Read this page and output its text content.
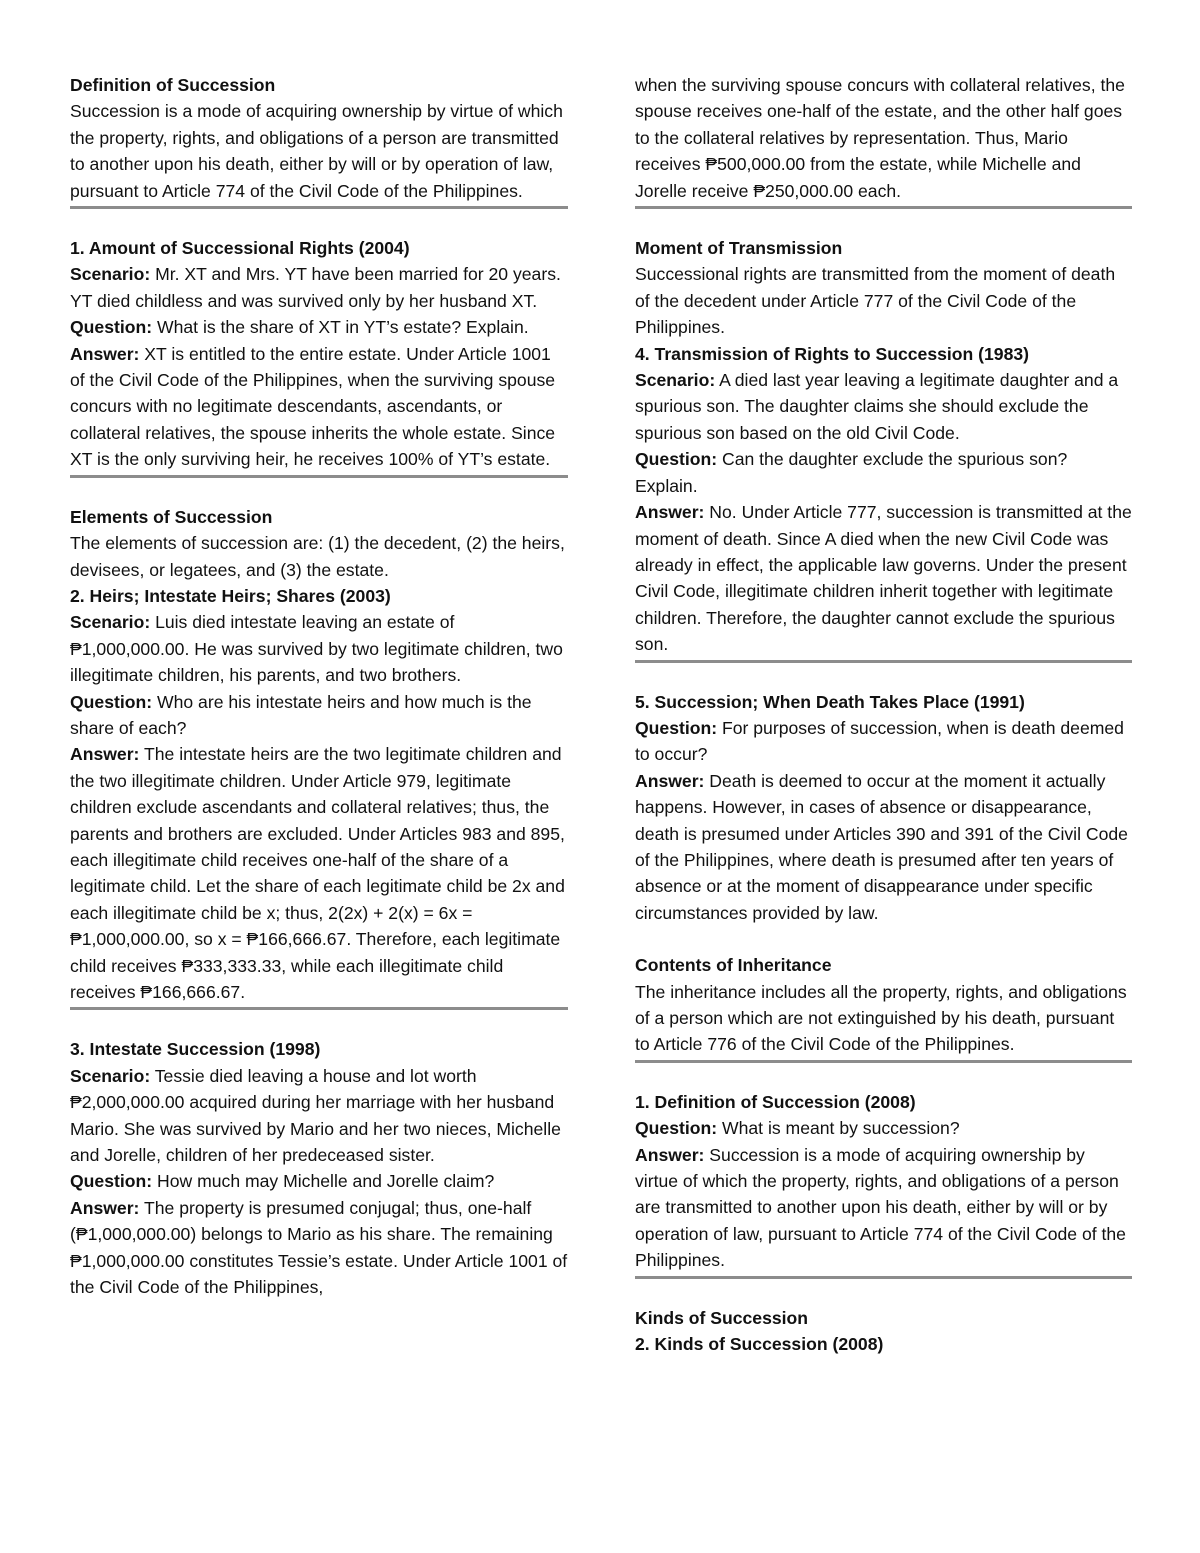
Definition of Succession

Succession is a mode of acquiring ownership by virtue of which the property, rights, and obligations of a person are transmitted to another upon his death, either by will or by operation of law, pursuant to Article 774 of the Civil Code of the Philippines.

1. Amount of Successional Rights (2004)

Scenario: Mr. XT and Mrs. YT have been married for 20 years. YT died childless and was survived only by her husband XT.

Question: What is the share of XT in YT’s estate? Explain.

Answer: XT is entitled to the entire estate. Under Article 1001 of the Civil Code of the Philippines, when the surviving spouse concurs with no legitimate descendants, ascendants, or collateral relatives, the spouse inherits the whole estate. Since XT is the only surviving heir, he receives 100% of YT’s estate.

Elements of Succession

The elements of succession are: (1) the decedent, (2) the heirs, devisees, or legatees, and (3) the estate.

2. Heirs; Intestate Heirs; Shares (2003)

Scenario: Luis died intestate leaving an estate of ₱1,000,000.00. He was survived by two legitimate children, two illegitimate children, his parents, and two brothers.

Question: Who are his intestate heirs and how much is the share of each?

Answer: The intestate heirs are the two legitimate children and the two illegitimate children. Under Article 979, legitimate children exclude ascendants and collateral relatives; thus, the parents and brothers are excluded. Under Articles 983 and 895, each illegitimate child receives one-half of the share of a legitimate child. Let the share of each legitimate child be 2x and each illegitimate child be x; thus, 2(2x) + 2(x) = 6x = ₱1,000,000.00, so x = ₱166,666.67. Therefore, each legitimate child receives ₱333,333.33, while each illegitimate child receives ₱166,666.67.

3. Intestate Succession (1998)

Scenario: Tessie died leaving a house and lot worth ₱2,000,000.00 acquired during her marriage with her husband Mario. She was survived by Mario and her two nieces, Michelle and Jorelle, children of her predeceased sister.

Question: How much may Michelle and Jorelle claim?

Answer: The property is presumed conjugal; thus, one-half (₱1,000,000.00) belongs to Mario as his share. The remaining ₱1,000,000.00 constitutes Tessie’s estate. Under Article 1001 of the Civil Code of the Philippines,

when the surviving spouse concurs with collateral relatives, the spouse receives one-half of the estate, and the other half goes to the collateral relatives by representation. Thus, Mario receives ₱500,000.00 from the estate, while Michelle and Jorelle receive ₱250,000.00 each.

Moment of Transmission

Successional rights are transmitted from the moment of death of the decedent under Article 777 of the Civil Code of the Philippines.

4. Transmission of Rights to Succession (1983)

Scenario: A died last year leaving a legitimate daughter and a spurious son. The daughter claims she should exclude the spurious son based on the old Civil Code.

Question: Can the daughter exclude the spurious son? Explain.

Answer: No. Under Article 777, succession is transmitted at the moment of death. Since A died when the new Civil Code was already in effect, the applicable law governs. Under the present Civil Code, illegitimate children inherit together with legitimate children. Therefore, the daughter cannot exclude the spurious son.

5. Succession; When Death Takes Place (1991)

Question: For purposes of succession, when is death deemed to occur?

Answer: Death is deemed to occur at the moment it actually happens. However, in cases of absence or disappearance, death is presumed under Articles 390 and 391 of the Civil Code of the Philippines, where death is presumed after ten years of absence or at the moment of disappearance under specific circumstances provided by law.

Contents of Inheritance

The inheritance includes all the property, rights, and obligations of a person which are not extinguished by his death, pursuant to Article 776 of the Civil Code of the Philippines.

1. Definition of Succession (2008)

Question: What is meant by succession?

Answer: Succession is a mode of acquiring ownership by virtue of which the property, rights, and obligations of a person are transmitted to another upon his death, either by will or by operation of law, pursuant to Article 774 of the Civil Code of the Philippines.

Kinds of Succession

2. Kinds of Succession (2008)
